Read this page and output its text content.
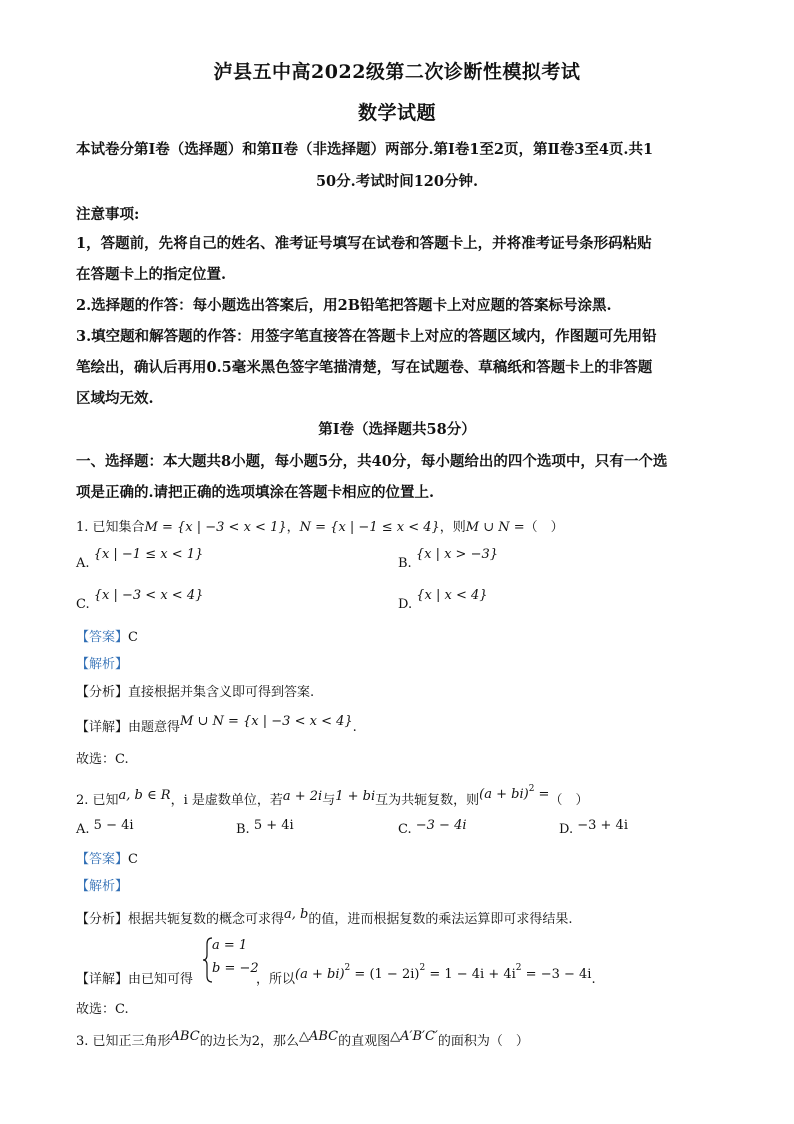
泸县五中高2022级第二次诊断性模拟考试
数学试题
本试卷分第Ⅰ卷（选择题）和第Ⅱ卷（非选择题）两部分.第Ⅰ卷1至2页，第Ⅱ卷3至4页.共1
50分.考试时间120分钟.
注意事项:
1，答题前，先将自己的姓名、准考证号填写在试卷和答题卡上，并将准考证号条形码粘贴
在答题卡上的指定位置.
2.选择题的作答：每小题选出答案后，用2B铅笔把答题卡上对应题的答案标号涂黑.
3.填空题和解答题的作答：用签字笔直接答在答题卡上对应的答题区域内，作图题可先用铅
笔绘出，确认后再用0.5毫米黑色签字笔描清楚，写在试题卷、草稿纸和答题卡上的非答题
区域均无效.
第Ⅰ卷（选择题共58分）
一、选择题：本大题共8小题，每小题5分，共40分，每小题给出的四个选项中，只有一个选
项是正确的.请把正确的选项填涂在答题卡相应的位置上.
1. 已知集合M = {x | −3 < x < 1}，N = {x | −1 ≤ x < 4}，则M ∪ N =（　）
A. {x | −1 ≤ x < 1}
B. {x | x > −3}
C. {x | −3 < x < 4}
D. {x | x < 4}
【答案】C
【解析】
【分析】直接根据并集含义即可得到答案.
【详解】由题意得M ∪ N = {x | −3 < x < 4}.
故选：C.
2. 已知a, b ∈ R，i 是虚数单位，若a + 2i与1 + bi互为共轭复数，则(a + bi)$^2$ =（　）
A. 5 − 4i	B. 5 + 4i	C. −3 − 4i	D. −3 + 4i
【答案】C
【解析】
【分析】根据共轭复数的概念可求得a, b的值，进而根据复数的乘法运算即可求得结果.
【详解】由已知可得
a = 1
b = −2
，所以$(a + bi)^2 = (1 - 2i)^2 = 1 - 4i + 4i^2 = -3 - 4i$.
故选：C.
3. 已知正三角形ABC的边长为2，那么△ABC的直观图△A′B′C′的面积为（　）
